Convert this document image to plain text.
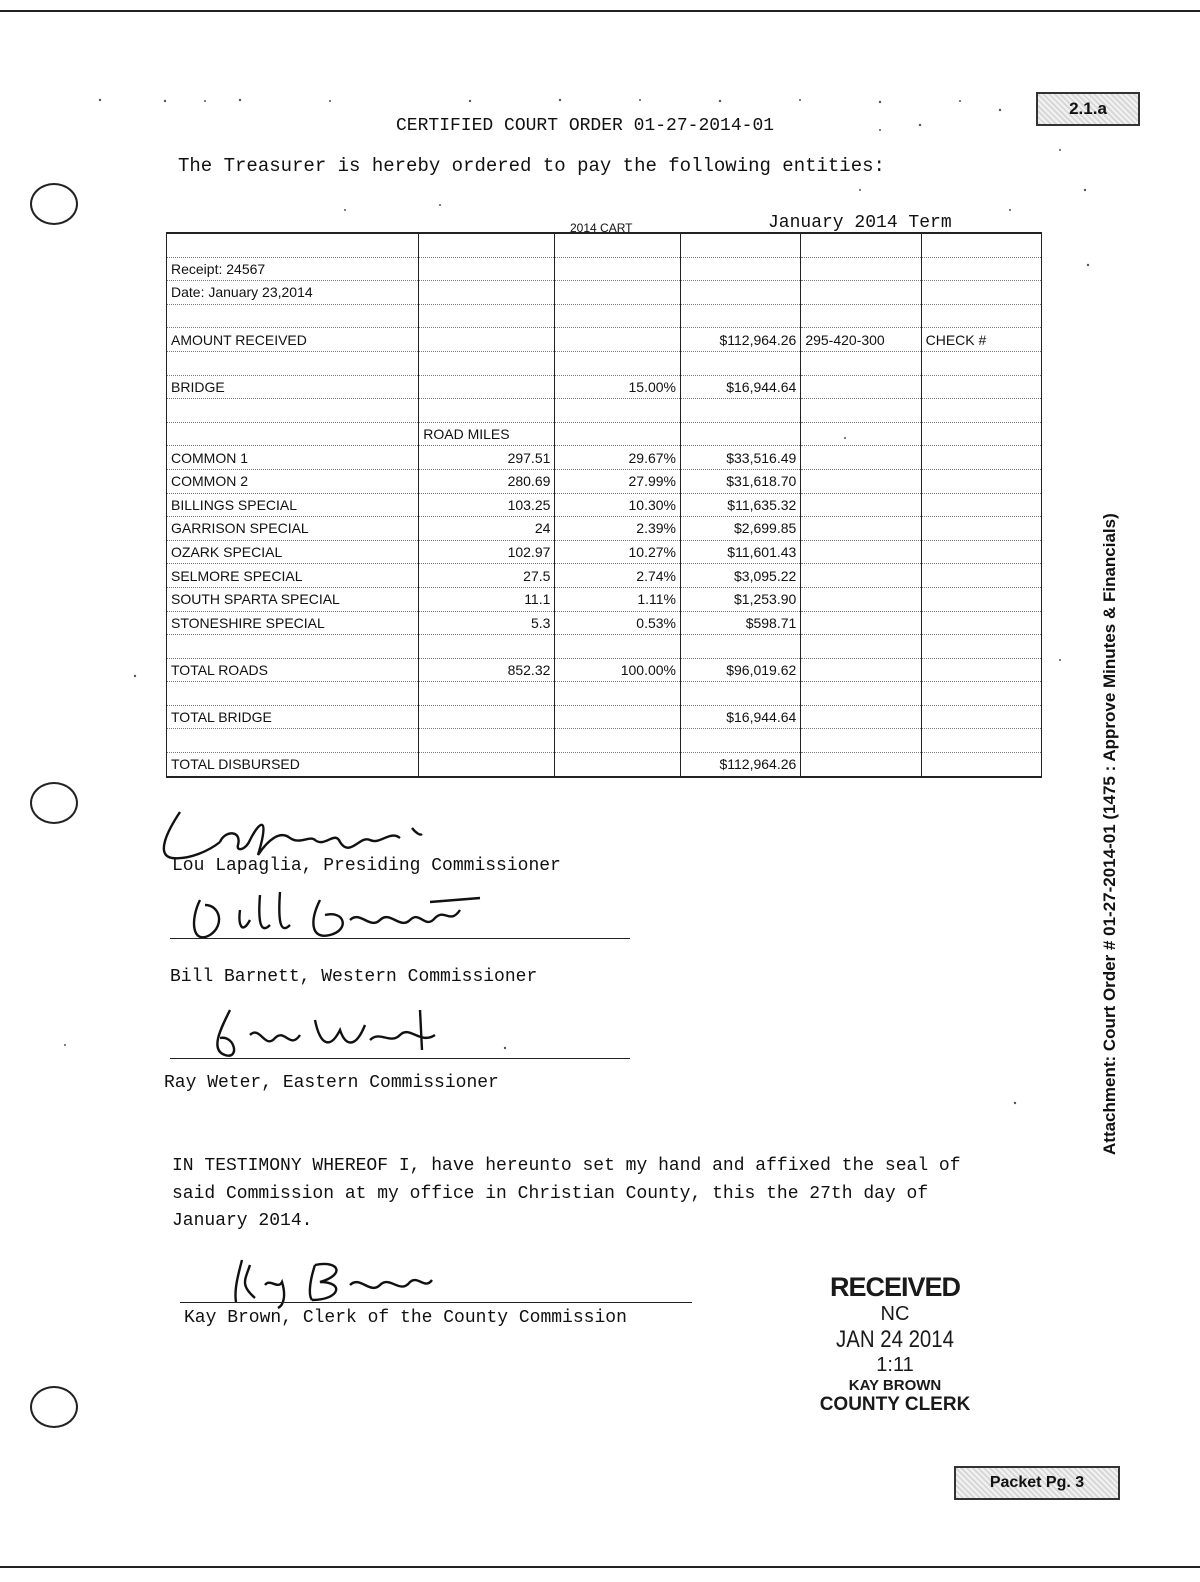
2.1.a
CERTIFIED COURT ORDER 01-27-2014-01
The Treasurer is hereby ordered to pay the following entities:
2014 CART	January 2014 Term
Attachment: Court Order # 01-27-2014-01 (1475 : Approve Minutes & Financials)

Receipt: 24567					
Date: January 23,2014					

AMOUNT RECEIVED			$112,964.26	295-420-300	CHECK #

BRIDGE		15.00%	$16,944.64		

	ROAD MILES				
COMMON 1	297.51	29.67%	$33,516.49		
COMMON 2	280.69	27.99%	$31,618.70		
BILLINGS SPECIAL	103.25	10.30%	$11,635.32		
GARRISON SPECIAL	24	2.39%	$2,699.85		
OZARK SPECIAL	102.97	10.27%	$11,601.43		
SELMORE SPECIAL	27.5	2.74%	$3,095.22		
SOUTH SPARTA SPECIAL	11.1	1.11%	$1,253.90		
STONESHIRE SPECIAL	5.3	0.53%	$598.71		

TOTAL ROADS	852.32	100.00%	$96,019.62		

TOTAL BRIDGE			$16,944.64		

TOTAL DISBURSED			$112,964.26		
Lou Lapaglia, Presiding Commissioner
Bill Barnett, Western Commissioner
Ray Weter, Eastern Commissioner
IN TESTIMONY WHEREOF I, have hereunto set my hand and affixed the seal of
said Commission at my office in Christian County, this the 27th day of
January 2014.
Kay Brown, Clerk of the County Commission
RECEIVED
NC
JAN 24 2014
1:11
KAY BROWN
COUNTY CLERK
Packet Pg. 3
